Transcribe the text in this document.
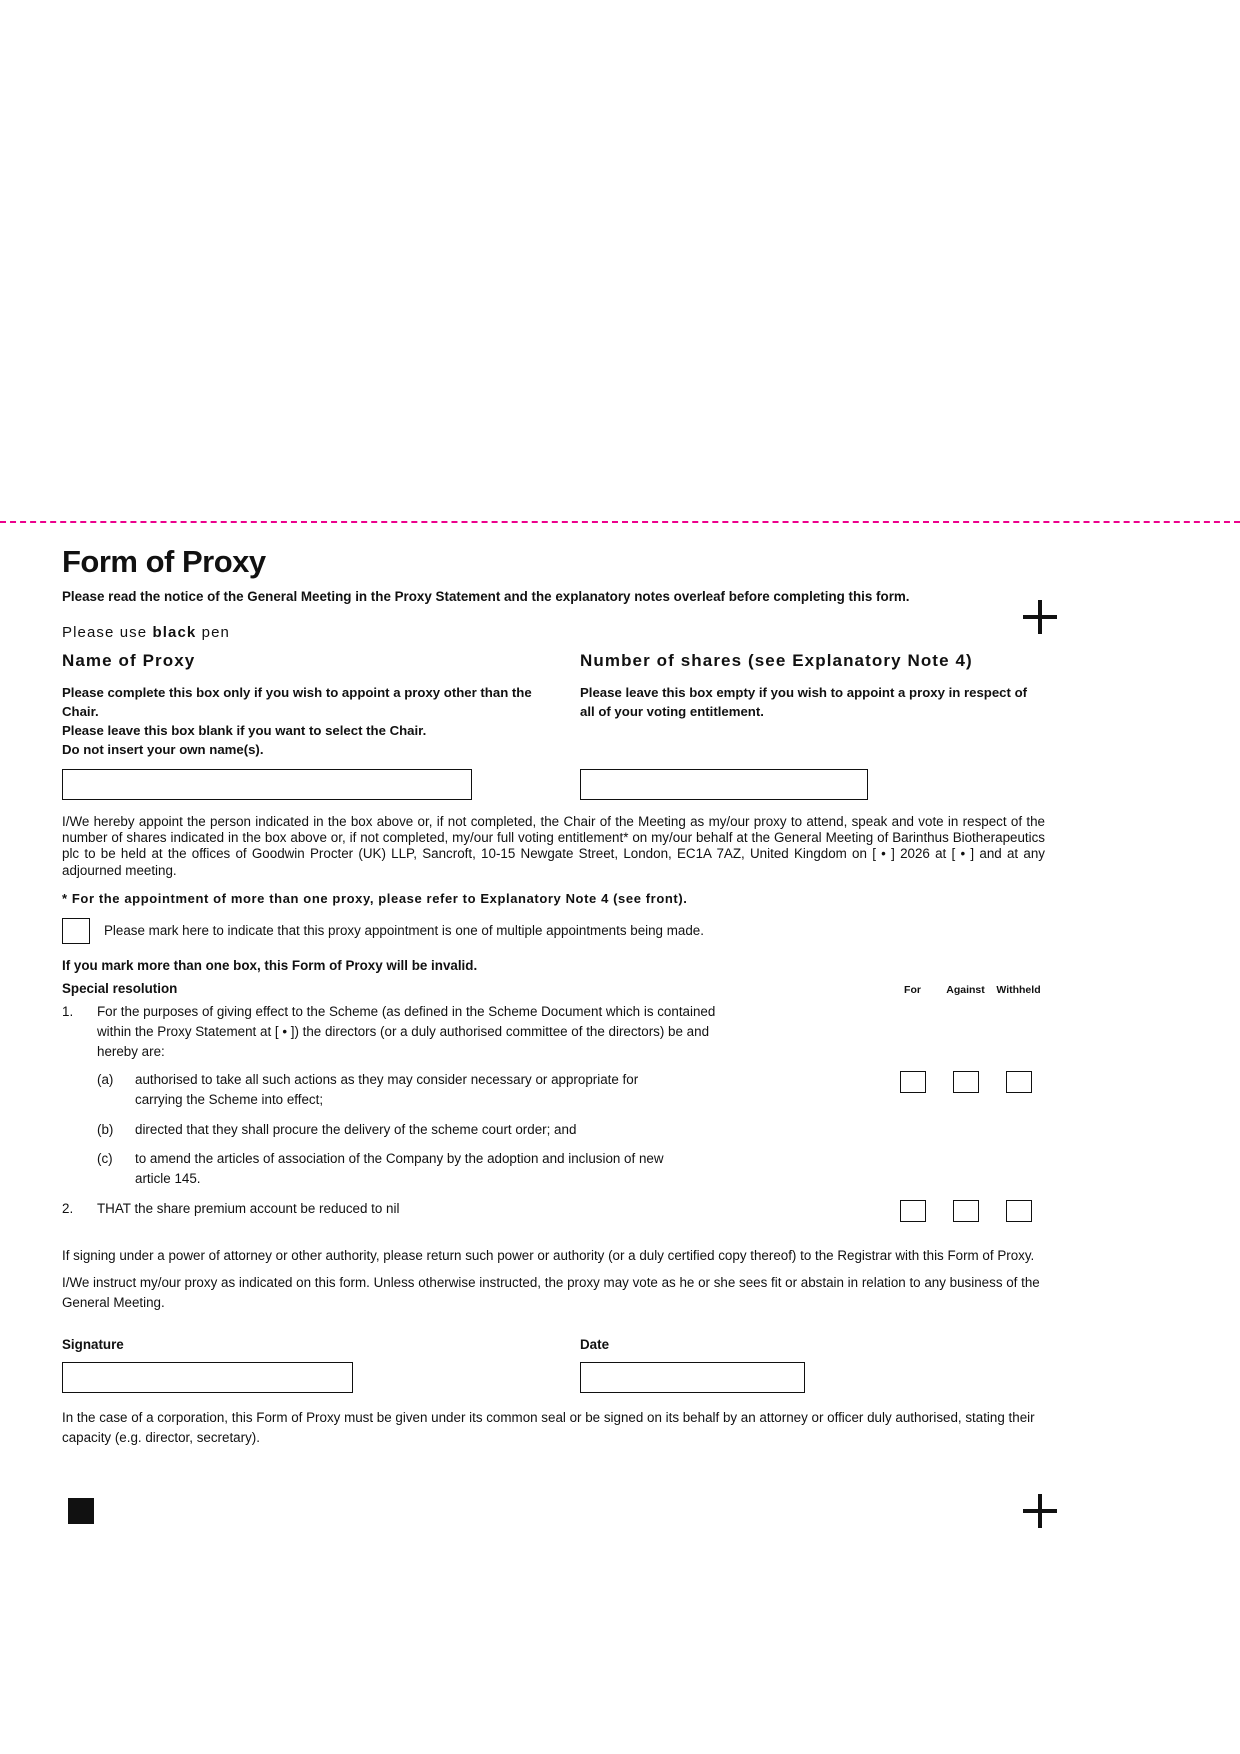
Form of Proxy
Please read the notice of the General Meeting in the Proxy Statement and the explanatory notes overleaf before completing this form.
Please use black pen
Name of Proxy
Please complete this box only if you wish to appoint a proxy other than the Chair.
Please leave this box blank if you want to select the Chair.
Do not insert your own name(s).
Number of shares (see Explanatory Note 4)
Please leave this box empty if you wish to appoint a proxy in respect of
all of your voting entitlement.

I/We hereby appoint the person indicated in the box above or, if not completed, the Chair of the Meeting as my/our proxy to attend, speak and vote in respect of the number of shares indicated in the box above or, if not completed, my/our full voting entitlement* on my/our behalf at the General Meeting of Barinthus Biotherapeutics plc to be held at the offices of Goodwin Procter (UK) LLP, Sancroft, 10-15 Newgate Street, London, EC1A 7AZ, United Kingdom on [ • ] 2026 at [ • ] and at any adjourned meeting.

* For the appointment of more than one proxy, please refer to Explanatory Note 4 (see front).
Please mark here to indicate that this proxy appointment is one of multiple appointments being made.
If you mark more than one box, this Form of Proxy will be invalid.
Special resolution	For	Against	Withheld
1.	For the purposes of giving effect to the Scheme (as defined in the Scheme Document which is contained within the Proxy Statement at [ • ]) the directors (or a duly authorised committee of the directors) be and hereby are:
(a)	authorised to take all such actions as they may consider necessary or appropriate for carrying the Scheme into effect;
(b)	directed that they shall procure the delivery of the scheme court order; and
(c)	to amend the articles of association of the Company by the adoption and inclusion of new article 145.
2.	THAT the share premium account be reduced to nil
If signing under a power of attorney or other authority, please return such power or authority (or a duly certified copy thereof) to the Registrar with this Form of Proxy.
I/We instruct my/our proxy as indicated on this form. Unless otherwise instructed, the proxy may vote as he or she sees fit or abstain in relation to any business of the General Meeting.
Signature	Date
In the case of a corporation, this Form of Proxy must be given under its common seal or be signed on its behalf by an attorney or officer duly authorised, stating their capacity (e.g. director, secretary).
